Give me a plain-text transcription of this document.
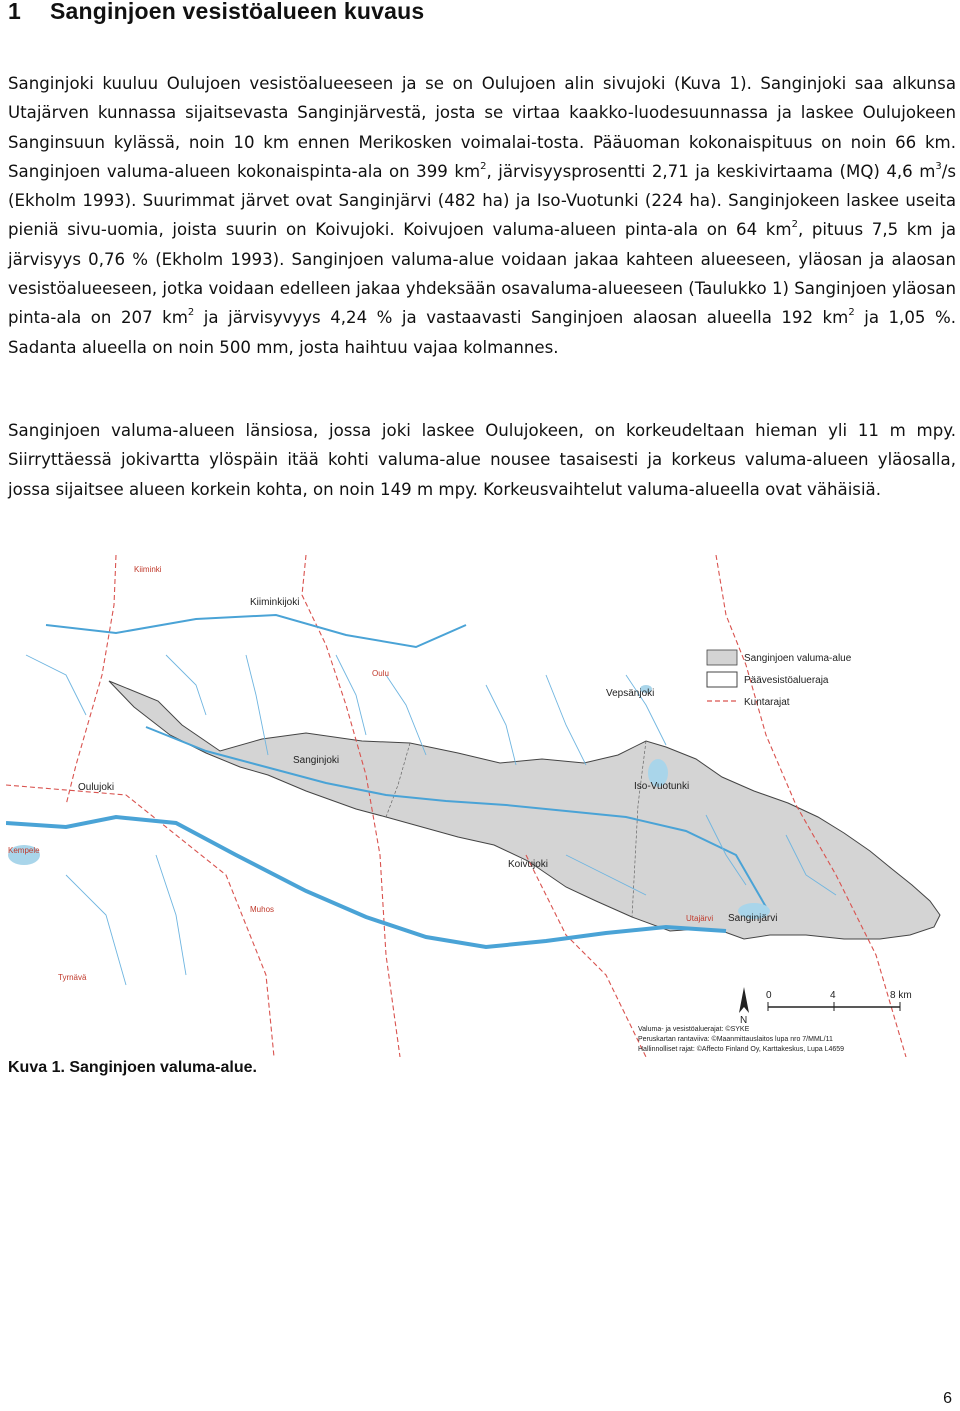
1 Sanginjoen vesistöalueen kuvaus

Sanginjoki kuuluu Oulujoen vesistöalueeseen ja se on Oulujoen alin sivujoki (Kuva 1). Sanginjoki saa alkunsa Utajärven kunnassa sijaitsevasta Sanginjärvestä, josta se virtaa kaakko-luodesuunnassa ja laskee Oulujokeen Sanginsuun kylässä, noin 10 km ennen Merikosken voimalai-tosta. Pääuoman kokonaispituus on noin 66 km. Sanginjoen valuma-alueen kokonaispinta-ala on 399 $km^2$, järvisyysprosentti 2,71 ja keskivirtaama (MQ) 4,6 $m^3/s$ (Ekholm 1993). Suurimmat järvet ovat Sanginjärvi (482 ha) ja Iso-Vuotunki (224 ha). Sanginjokeen laskee useita pieniä sivu-uomia, joista suurin on Koivujoki. Koivujoen valuma-alueen pinta-ala on 64 $km^2$, pituus 7,5 km ja järvisyys 0,76 % (Ekholm 1993). Sanginjoen valuma-alue voidaan jakaa kahteen alueeseen, yläosan ja alaosan vesistöalueeseen, jotka voidaan edelleen jakaa yhdeksään osavaluma-alueeseen (Taulukko 1) Sanginjoen yläosan pinta-ala on 207 $km^2$ ja järvisyvyys 4,24 % ja vastaavasti Sanginjoen alaosan alueella 192 $km^2$ ja 1,05 %. Sadanta alueella on noin 500 mm, josta haihtuu vajaa kolmannes.

Sanginjoen valuma-alueen länsiosa, jossa joki laskee Oulujokeen, on korkeudeltaan hieman yli 11 m mpy. Siirryttäessä jokivartta ylöspäin itää kohti valuma-alue nousee tasaisesti ja korkeus valuma-alueen yläosalla, jossa sijaitsee alueen korkein kohta, on noin 149 m mpy. Korkeusvaihtelut valuma-alueella ovat vähäisiä.

Kiiminki
Oulu
Kempele
Muhos
Tyrnävä
Utajärvi
Kiiminkijoki
Vepsänjoki
Sanginjoki
Oulujoki	Iso-Vuotunki
Koivujoki
Sanginjärvi
Sanginjoen valuma-alue
Päävesistöalueraja
Kuntarajat
N
0	4	8 km
Valuma- ja vesistöaluerajat: ©SYKE
Peruskartan rantaviiva: ©Maanmittauslaitos lupa nro 7/MML/11
Hallinnolliset rajat: ©Affecto Finland Oy, Karttakeskus, Lupa L4659

Kuva 1. Sanginjoen valuma-alue.

6
